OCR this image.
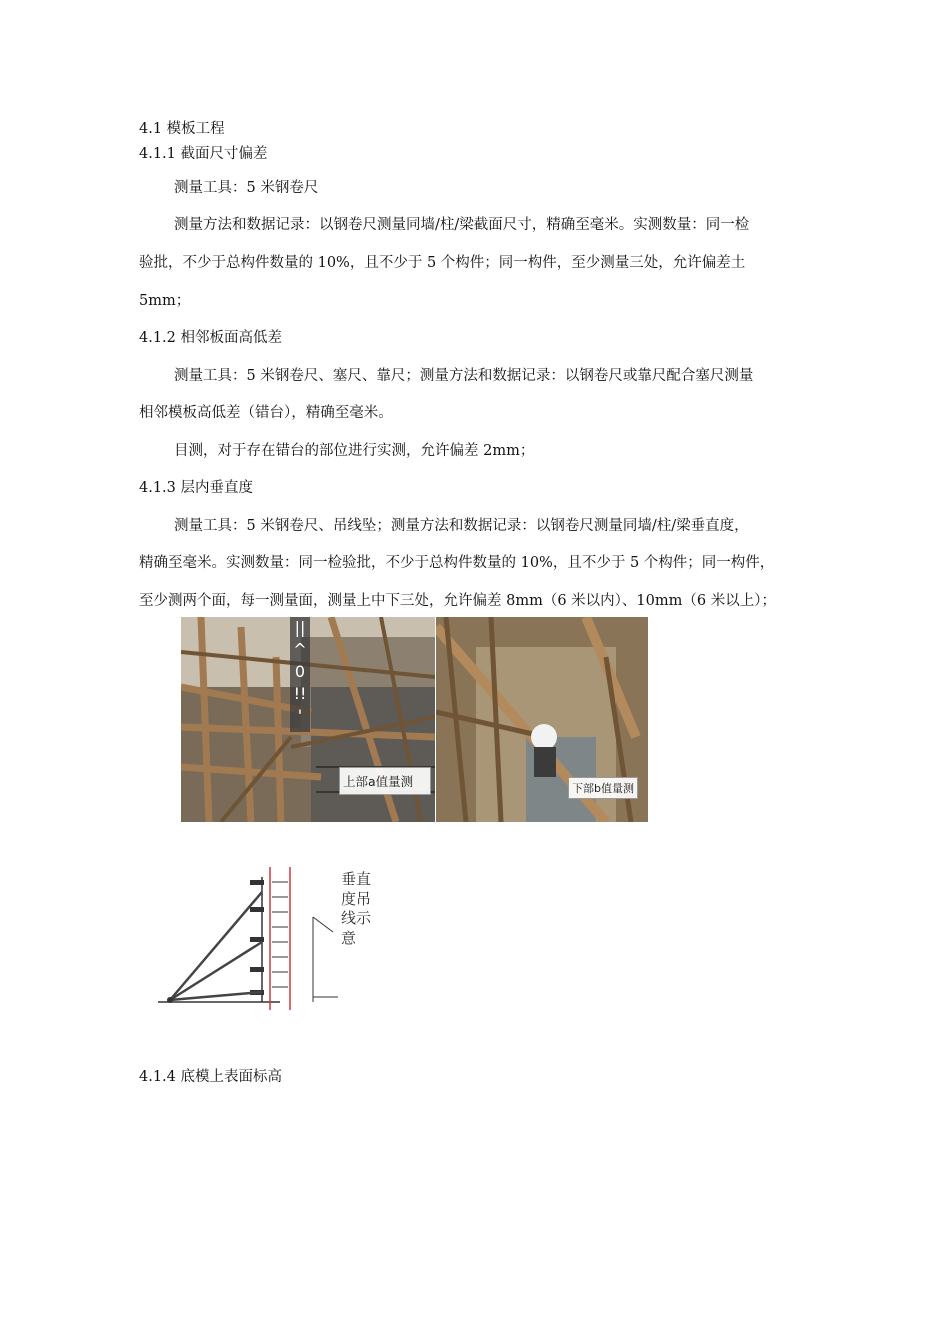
4.1 模板工程
4.1.1 截面尺寸偏差
测量工具：5 米钢卷尺
测量方法和数据记录：以钢卷尺测量同墙/柱/梁截面尺寸，精确至毫米。实测数量：同一检
验批，不少于总构件数量的 10%，且不少于 5 个构件；同一构件，至少测量三处，允许偏差土
5mm；
4.1.2 相邻板面高低差
测量工具：5 米钢卷尺、塞尺、靠尺；测量方法和数据记录：以钢卷尺或靠尺配合塞尺测量
相邻模板高低差（错台），精确至毫米。
目测，对于存在错台的部位进行实测，允许偏差 2mm；
4.1.3 层内垂直度
测量工具：5 米钢卷尺、吊线坠；测量方法和数据记录：以钢卷尺测量同墙/柱/梁垂直度，
精确至毫米。实测数量：同一检验批，不少于总构件数量的 10%，且不少于 5 个构件；同一构件，
至少测两个面，每一测量面，测量上中下三处，允许偏差 8mm（6 米以内）、10mm（6 米以上）；
||
^
0
!!
'
上部a值量测	下部b值量测
垂直度吊线示意
4.1.4 底模上表面标高
